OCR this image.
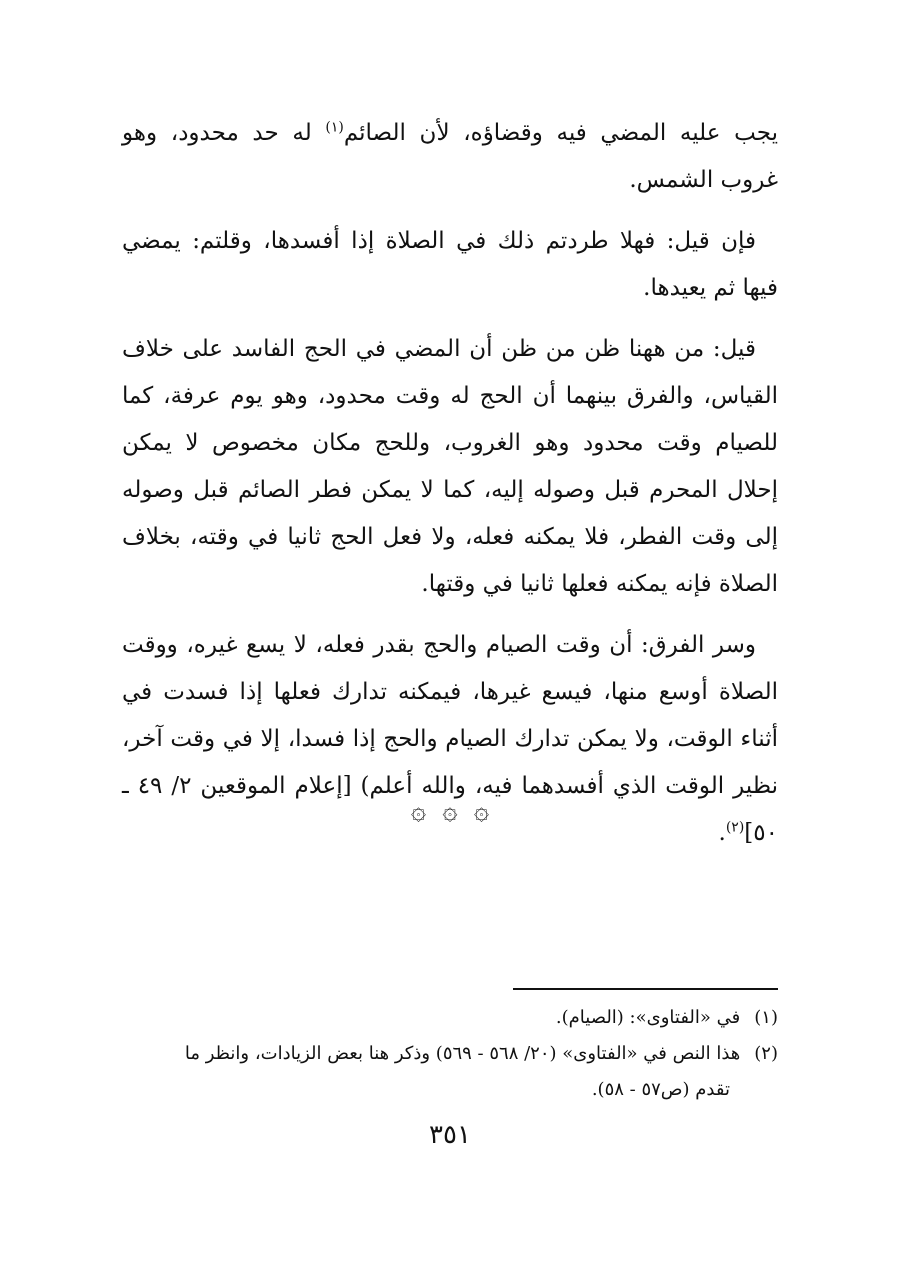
يجب عليه المضي فيه وقضاؤه، لأن الصائم$^{(١)}$ له حد محدود، وهو غروب الشمس.

فإن قيل: فهلا طردتم ذلك في الصلاة إذا أفسدها، وقلتم: يمضي فيها ثم يعيدها.

قيل: من ههنا ظن من ظن أن المضي في الحج الفاسد على خلاف القياس، والفرق بينهما أن الحج له وقت محدود، وهو يوم عرفة، كما للصيام وقت محدود وهو الغروب، وللحج مكان مخصوص لا يمكن إحلال المحرم قبل وصوله إليه، كما لا يمكن فطر الصائم قبل وصوله إلى وقت الفطر، فلا يمكنه فعله، ولا فعل الحج ثانيا في وقته، بخلاف الصلاة فإنه يمكنه فعلها ثانيا في وقتها.

وسر الفرق: أن وقت الصيام والحج بقدر فعله، لا يسع غيره، ووقت الصلاة أوسع منها، فيسع غيرها، فيمكنه تدارك فعلها إذا فسدت في أثناء الوقت، ولا يمكن تدارك الصيام والحج إذا فسدا، إلا في وقت آخر، نظير الوقت الذي أفسدهما فيه، والله أعلم) [إعلام الموقعين ٢/ ٤٩ ـ ٥٠]$^{(٢)}$.

۞ ۞ ۞

(١)في «الفتاوى»: (الصيام).

(٢)هذا النص في «الفتاوى» (٢٠/ ٥٦٨ - ٥٦٩) وذكر هنا بعض الزيادات، وانظر ما

تقدم (ص٥٧ - ٥٨).

٣٥١
